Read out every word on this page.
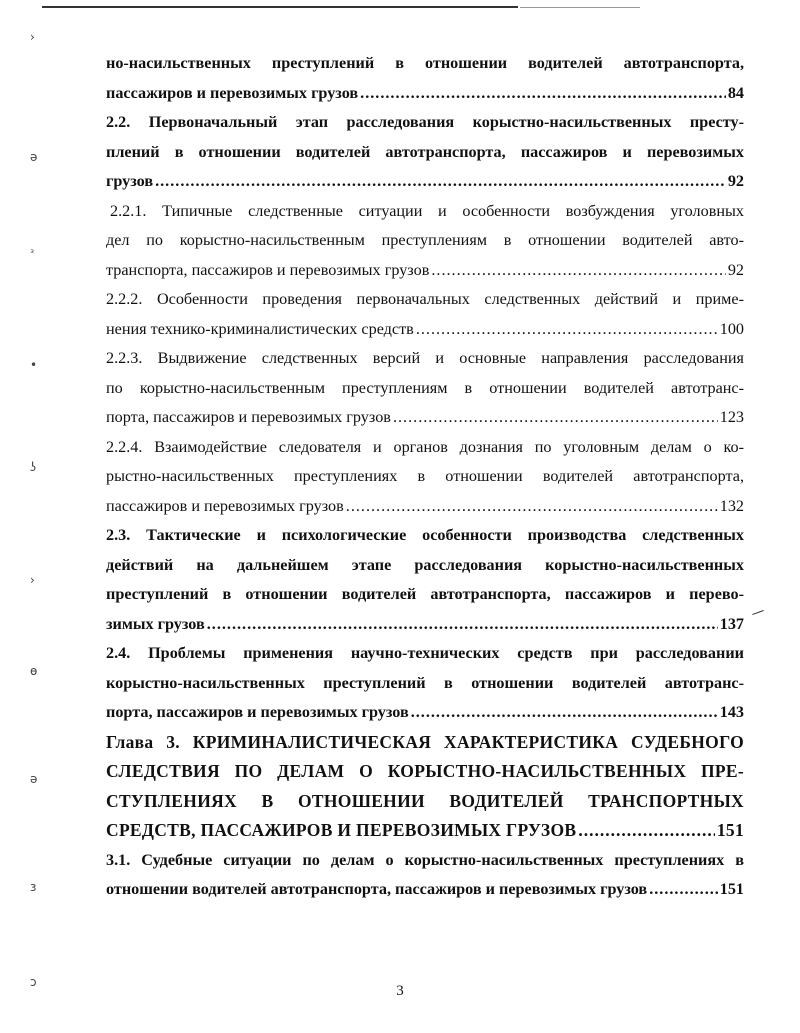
›
ə
ᵌ
•
ʖ
›
ɵ
ə
ɜ
ɔ
но-насильственных преступлений в отношении водителей автотранспорта,
пассажиров и перевозимых грузов .....	84
2.2. Первоначальный этап расследования корыстно-насильственных престу-
плений в отношении водителей автотранспорта, пассажиров и перевозимых
грузов .....	92
2.2.1. Типичные следственные ситуации и особенности возбуждения уголовных
дел по корыстно-насильственным преступлениям в отношении водителей авто-
транспорта, пассажиров и перевозимых грузов .....	92
2.2.2. Особенности проведения первоначальных следственных действий и приме-
нения технико-криминалистических средств .....	100
2.2.3. Выдвижение следственных версий и основные направления расследования
по корыстно-насильственным преступлениям в отношении водителей автотранс-
порта, пассажиров и перевозимых грузов .....	123
2.2.4. Взаимодействие следователя и органов дознания по уголовным делам о ко-
рыстно-насильственных преступлениях в отношении водителей автотранспорта,
пассажиров и перевозимых грузов .....	132
2.3. Тактические и психологические особенности производства следственных
действий на дальнейшем этапе расследования корыстно-насильственных
преступлений в отношении водителей автотранспорта, пассажиров и перево-
зимых грузов .....	137
2.4. Проблемы применения научно-технических средств при расследовании
корыстно-насильственных преступлений в отношении водителей автотранс-
порта, пассажиров и перевозимых грузов .....	143
Глава 3. КРИМИНАЛИСТИЧЕСКАЯ ХАРАКТЕРИСТИКА СУДЕБНОГО
СЛЕДСТВИЯ ПО ДЕЛАМ О КОРЫСТНО-НАСИЛЬСТВЕННЫХ ПРЕ-
СТУПЛЕНИЯХ В ОТНОШЕНИИ ВОДИТЕЛЕЙ ТРАНСПОРТНЫХ
СРЕДСТВ, ПАССАЖИРОВ И ПЕРЕВОЗИМЫХ ГРУЗОВ .....	151
3.1. Судебные ситуации по делам о корыстно-насильственных преступлениях в
отношении водителей автотранспорта, пассажиров и перевозимых грузов .....	151
3
